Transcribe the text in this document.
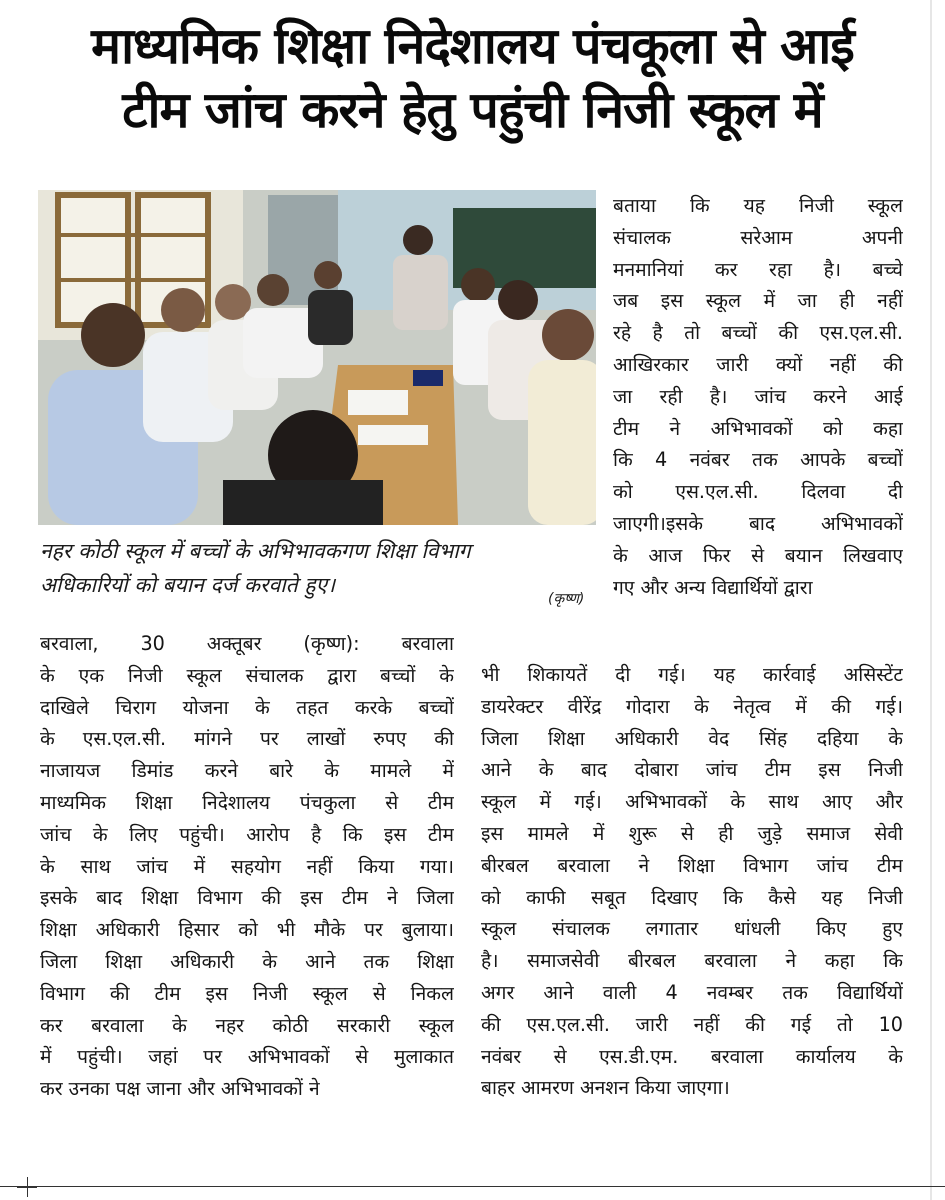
माध्यमिक शिक्षा निदेशालय पंचकूला से आई
टीम जांच करने हेतु पहुंची निजी स्कूल में
नहर कोठी स्कूल में बच्चों के अभिभावकगण शिक्षा विभाग
अधिकारियों को बयान दर्ज करवाते हुए।
(कृष्ण)
बताया कि यह निजी स्कूल
संचालक सरेआम अपनी
मनमानियां कर रहा है। बच्चे
जब इस स्कूल में जा ही नहीं
रहे है तो बच्चों की एस.एल.सी.
आखिरकार जारी क्यों नहीं की
जा रही है। जांच करने आई
टीम ने अभिभावकों को कहा
कि 4 नवंबर तक आपके बच्चों
को एस.एल.सी. दिलवा दी
जाएगी।इसके बाद अभिभावकों
के आज फिर से बयान लिखवाए
गए और अन्य विद्यार्थियों द्वारा
बरवाला, 30 अक्तूबर (कृष्ण): बरवाला
के एक निजी स्कूल संचालक द्वारा बच्चों के
दाखिले चिराग योजना के तहत करके बच्चों
के एस.एल.सी. मांगने पर लाखों रुपए की
नाजायज डिमांड करने बारे के मामले में
माध्यमिक शिक्षा निदेशालय पंचकुला से टीम
जांच के लिए पहुंची। आरोप है कि इस टीम
के साथ जांच में सहयोग नहीं किया गया।
इसके बाद शिक्षा विभाग की इस टीम ने जिला
शिक्षा अधिकारी हिसार को भी मौके पर बुलाया।
जिला शिक्षा अधिकारी के आने तक शिक्षा
विभाग की टीम इस निजी स्कूल से निकल
कर बरवाला के नहर कोठी सरकारी स्कूल
में पहुंची। जहां पर अभिभावकों से मुलाकात
कर उनका पक्ष जाना और अभिभावकों ने
भी शिकायतें दी गई। यह कार्रवाई असिस्टेंट
डायरेक्टर वीरेंद्र गोदारा के नेतृत्व में की गई।
जिला शिक्षा अधिकारी वेद सिंह दहिया के
आने के बाद दोबारा जांच टीम इस निजी
स्कूल में गई। अभिभावकों के साथ आए और
इस मामले में शुरू से ही जुड़े समाज सेवी
बीरबल बरवाला ने शिक्षा विभाग जांच टीम
को काफी सबूत दिखाए कि कैसे यह निजी
स्कूल संचालक लगातार धांधली किए हुए
है। समाजसेवी बीरबल बरवाला ने कहा कि
अगर आने वाली 4 नवम्बर तक विद्यार्थियों
की एस.एल.सी. जारी नहीं की गई तो 10
नवंबर से एस.डी.एम. बरवाला कार्यालय के
बाहर आमरण अनशन किया जाएगा।
